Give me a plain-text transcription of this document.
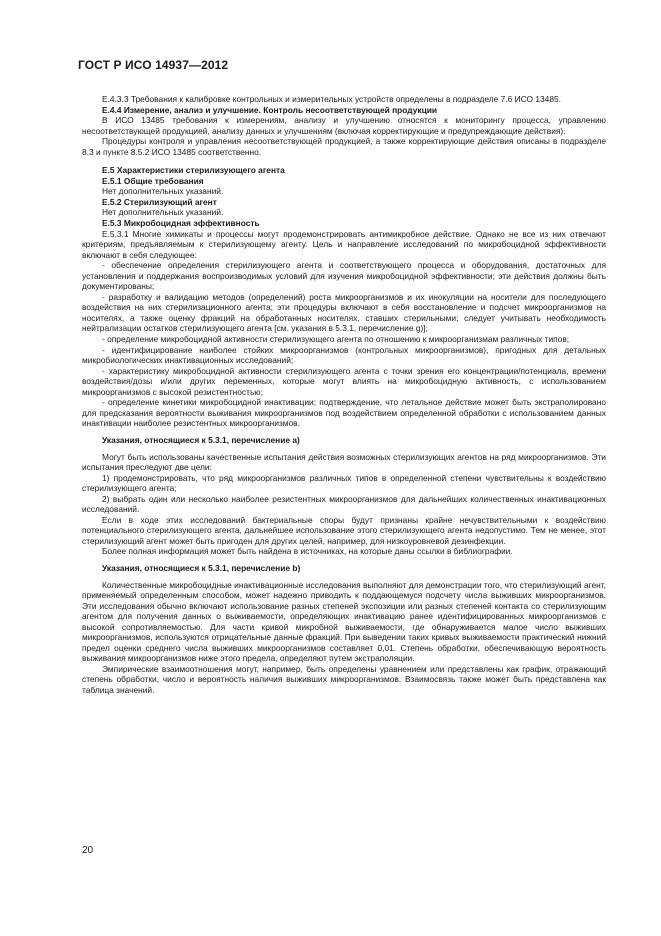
ГОСТ Р ИСО 14937—2012

Е.4.3.3 Требования к калибровке контрольных и измерительных устройств определены в подразделе 7.6 ИСО 13485.

Е.4.4 Измерение, анализ и улучшение. Контроль несоответствующей продукции

В ИСО 13485 требования к измерениям, анализу и улучшению относятся к мониторингу процесса, управлению несоответствующей продукцией, анализу данных и улучшениям (включая корректирующие и предупреждающие действия).

Процедуры контроля и управления несоответствующей продукцией, а также корректирующие действия описаны в подразделе 8.3 и пункте 8.5.2 ИСО 13485 соответственно.

Е.5 Характеристики стерилизующего агента

Е.5.1 Общие требования

Нет дополнительных указаний.

Е.5.2 Стерилизующий агент

Нет дополнительных указаний.

Е.5.3 Микробоцидная эффективность

Е.5.3.1 Многие химикаты и процессы могут продемонстрировать антимикробное действие. Однако не все из них отвечают критериям, предъявляемым к стерилизующему агенту. Цель и направление исследований по микробоцидной эффективности включают в себя следующее:

- обеспечение определения стерилизующего агента и соответствующего процесса и оборудования, достаточных для установления и поддержания воспроизводимых условий для изучения микробоцидной эффективности; эти действия должны быть документированы;

- разработку и валидацию методов (определений) роста микроорганизмов и их инокуляции на носители для последующего воздействия на них стерилизационного агента; эти процедуры включают в себя восстановление и подсчет микроорганизмов на носителях, а также оценку фракций на обработанных носителях, ставших стерильными; следует учитывать необходимость нейтрализации остатков стерилизующего агента [см. указания в 5.3.1, перечисление g)];

- определение микробоцидной активности стерилизующего агента по отношению к микроорганизмам различных типов;

- идентифицирование наиболее стойких микроорганизмов (контрольных микроорганизмов), пригодных для детальных микробиологических инактивационных исследований;

- характеристику микробоцидной активности стерилизующего агента с точки зрения его концентрации/потенциала, времени воздействия/дозы и/или других переменных, которые могут влиять на микробоцидную активность, с использованием микроорганизмов с высокой резистентностью;

- определение кинетики микробоцидной инактивации; подтверждение, что летальное действие может быть экстраполировано для предсказания вероятности выживания микроорганизмов под воздействием определенной обработки с использованием данных инактивации наиболее резистентных микроорганизмов.

Указания, относящиеся к 5.3.1, перечисление а)

Могут быть использованы качественные испытания действия возможных стерилизующих агентов на ряд микроорганизмов. Эти испытания преследуют две цели:

1) продемонстрировать, что ряд микроорганизмов различных типов в определенной степени чувствительны к воздействию стерилизующего агента;

2) выбрать один или несколько наиболее резистентных микроорганизмов для дальнейших количественных инактивационных исследований.

Если в ходе этих исследований бактериальные споры будут признаны крайне нечувствительными к воздействию потенциального стерилизующего агента, дальнейшее использование этого стерилизующего агента недопустимо. Тем не менее, этот стерилизующий агент может быть пригоден для других целей, например, для низкоуровневой дезинфекции.

Более полная информация может быть найдена в источниках, на которые даны ссылки в библиографии.

Указания, относящиеся к 5.3.1, перечисление b)

Количественные микробоцидные инактивационные исследования выполняют для демонстрации того, что стерилизующий агент, применяемый определенным способом, может надежно приводить к поддающемуся подсчету числа выживших микроорганизмов. Эти исследования обычно включают использование разных степеней экспозиции или разных степеней контакта со стерилизующим агентом для получения данных о выживаемости, определяющих инактивацию ранее идентифицированных микроорганизмов с высокой сопротивляемостью. Для части кривой микробной выживаемости, где обнаруживается малое число выживших микроорганизмов, используются отрицательные данные фракций. При выведении таких кривых выживаемости практический нижний предел оценки среднего числа выживших микроорганизмов составляет 0,01. Степень обработки, обеспечивающую вероятность выживания микроорганизмов ниже этого предела, определяют путем экстраполяции.

Эмпирические взаимоотношения могут, например, быть определены уравнением или представлены как график, отражающий степень обработки, число и вероятность наличия выживших микроорганизмов. Взаимосвязь также может быть представлена как таблица значений.

20
